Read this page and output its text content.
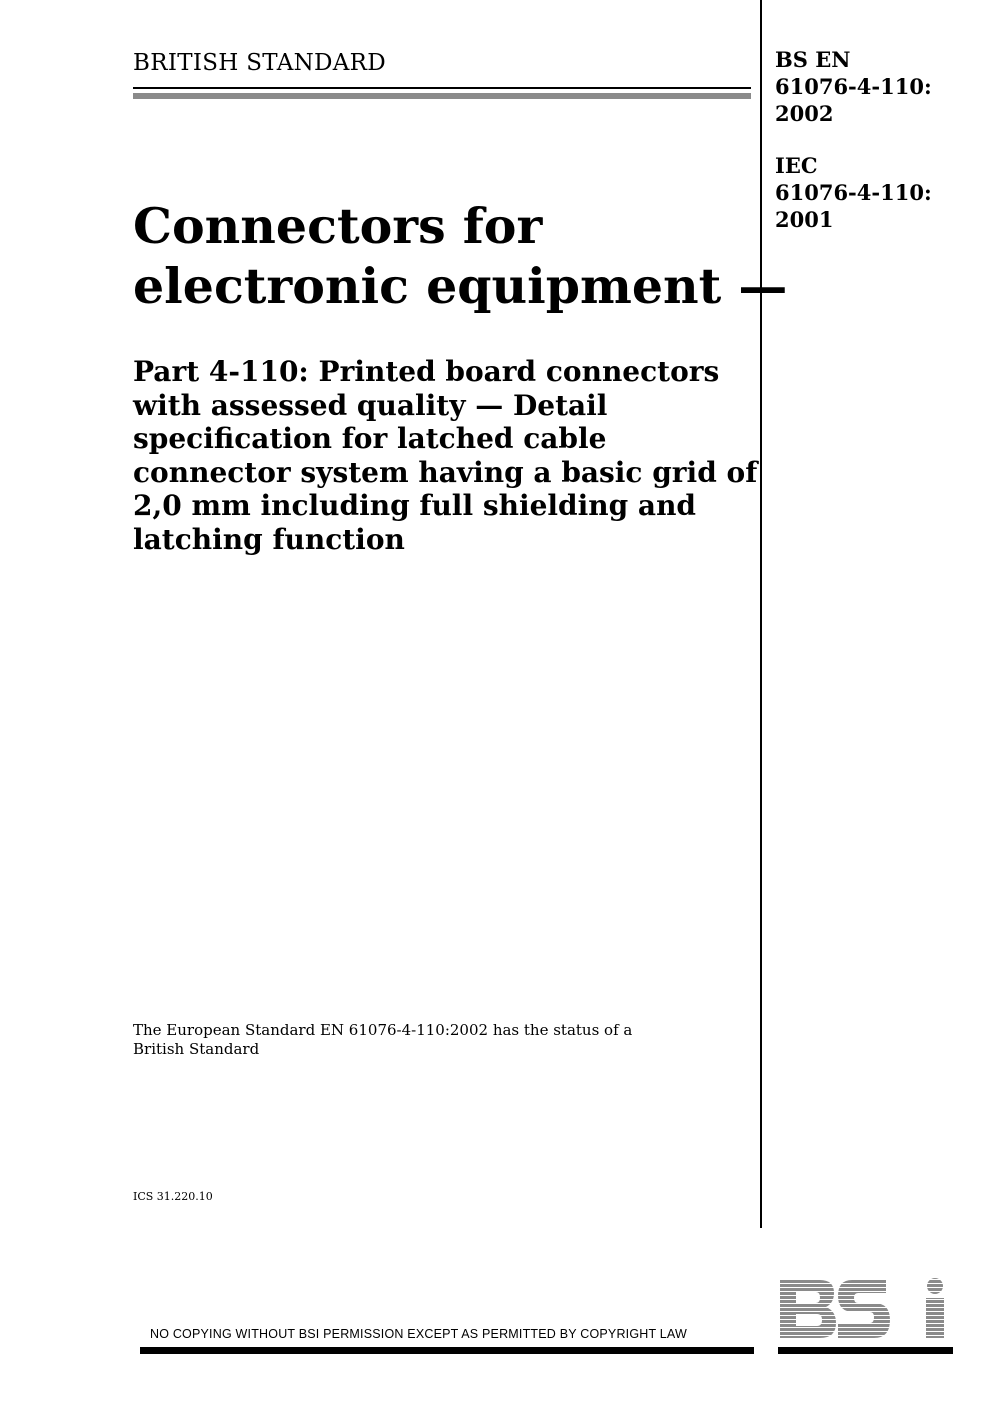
BRITISH STANDARD	BS EN
61076-4-110:
2002
IEC
61076-4-110:
2001
Connectors for
electronic equipment —
Part 4-110: Printed board connectors
with assessed quality — Detail
specification for latched cable
connector system having a basic grid of
2,0 mm including full shielding and
latching function
The European Standard EN 61076-4-110:2002 has the status of a
British Standard
ICS 31.220.10
NO COPYING WITHOUT BSI PERMISSION EXCEPT AS PERMITTED BY COPYRIGHT LAW
